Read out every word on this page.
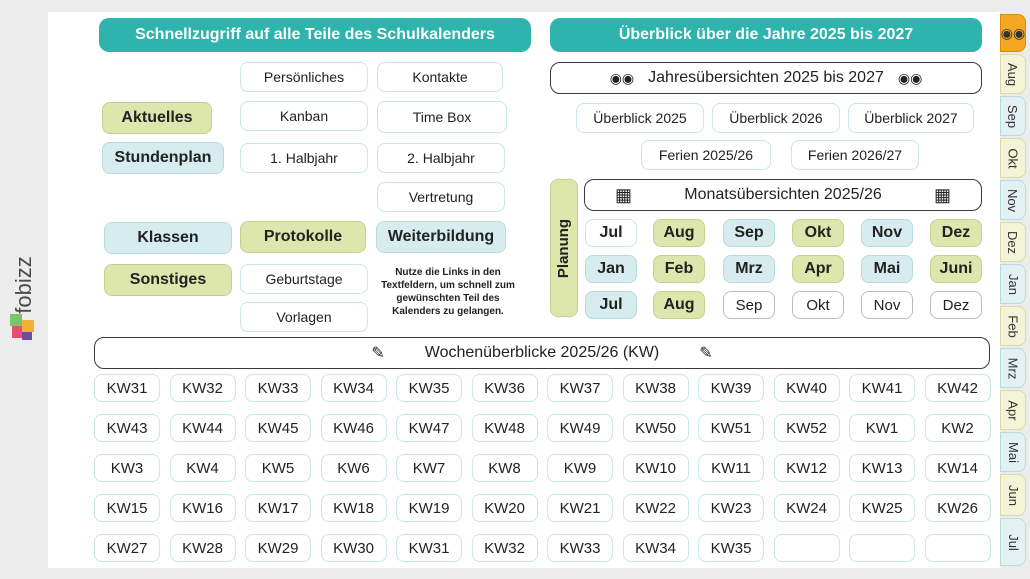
fobizz
◉◉
Aug
Sep
Okt
Nov
Dez
Jan
Feb
Mrz
Apr
Mai
Jun
Jul
Schnellzugriff auf alle Teile des Schulkalenders
Aktuelles
Stundenplan
Klassen
Sonstiges
Persönliches
Kanban
1. Halbjahr
Protokolle
Geburtstage
Vorlagen
Kontakte
Time Box
2. Halbjahr
Vertretung
Weiterbildung
Nutze die Links in den Textfeldern, um schnell zum gewünschten Teil des Kalenders zu gelangen.
Überblick über die Jahre 2025 bis 2027
◉◉ Jahresübersichten 2025 bis 2027 ◉◉
Überblick 2025	Überblick 2026	Überblick 2027
Ferien 2025/26	Ferien 2026/27
Planung
▦	Monatsübersichten 2025/26	▦
Jul	Aug	Sep	Okt	Nov	Dez
Jan	Feb	Mrz	Apr	Mai	Juni
Jul	Aug	Sep	Okt	Nov	Dez
✎	Wochenüberblicke 2025/26 (KW)	✎
KW31	KW32	KW33	KW34	KW35	KW36	KW37	KW38	KW39	KW40	KW41	KW42
KW43	KW44	KW45	KW46	KW47	KW48	KW49	KW50	KW51	KW52	KW1	KW2
KW3	KW4	KW5	KW6	KW7	KW8	KW9	KW10	KW11	KW12	KW13	KW14
KW15	KW16	KW17	KW18	KW19	KW20	KW21	KW22	KW23	KW24	KW25	KW26
KW27	KW28	KW29	KW30	KW31	KW32	KW33	KW34	KW35
